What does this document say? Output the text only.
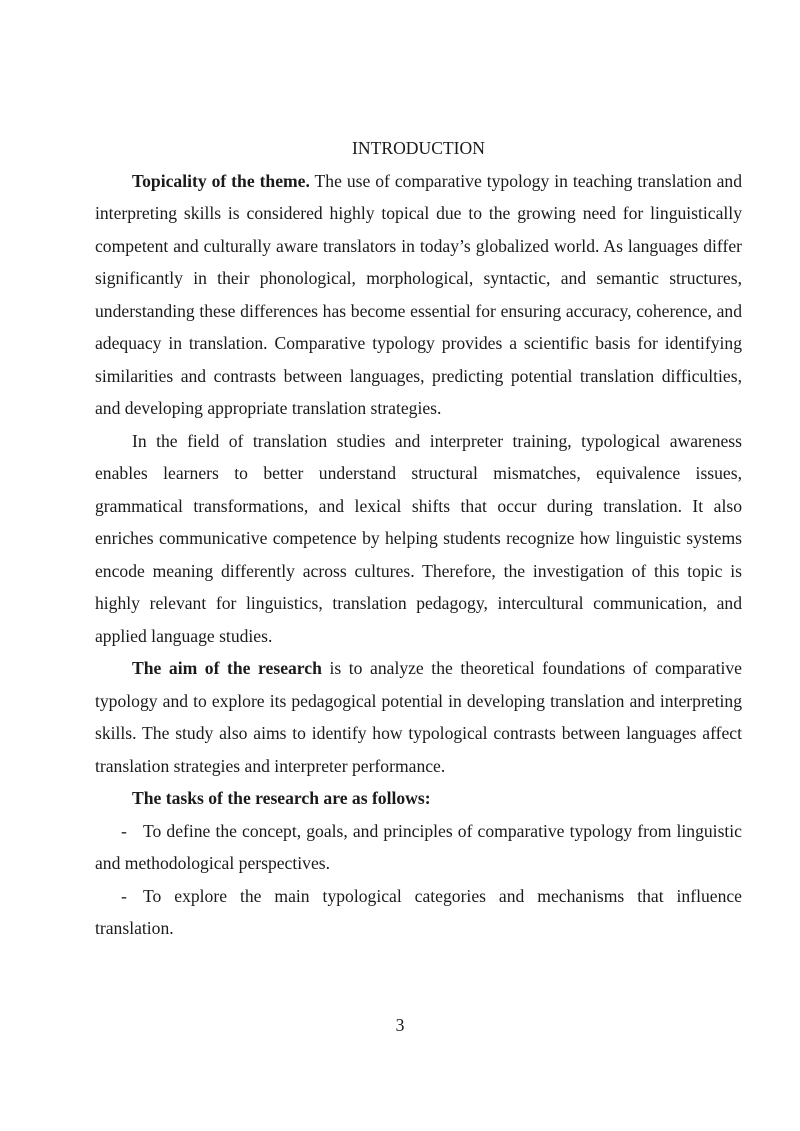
INTRODUCTION

Topicality of the theme. The use of comparative typology in teaching translation and interpreting skills is considered highly topical due to the growing need for linguistically competent and culturally aware translators in today’s globalized world. As languages differ significantly in their phonological, morphological, syntactic, and semantic structures, understanding these differences has become essential for ensuring accuracy, coherence, and adequacy in translation. Comparative typology provides a scientific basis for identifying similarities and contrasts between languages, predicting potential translation difficulties, and developing appropriate translation strategies.

In the field of translation studies and interpreter training, typological awareness enables learners to better understand structural mismatches, equivalence issues, grammatical transformations, and lexical shifts that occur during translation. It also enriches communicative competence by helping students recognize how linguistic systems encode meaning differently across cultures. Therefore, the investigation of this topic is highly relevant for linguistics, translation pedagogy, intercultural communication, and applied language studies.

The aim of the research is to analyze the theoretical foundations of comparative typology and to explore its pedagogical potential in developing translation and interpreting skills. The study also aims to identify how typological contrasts between languages affect translation strategies and interpreter performance.

The tasks of the research are as follows:

- To define the concept, goals, and principles of comparative typology from linguistic and methodological perspectives.

- To explore the main typological categories and mechanisms that influence translation.

3
